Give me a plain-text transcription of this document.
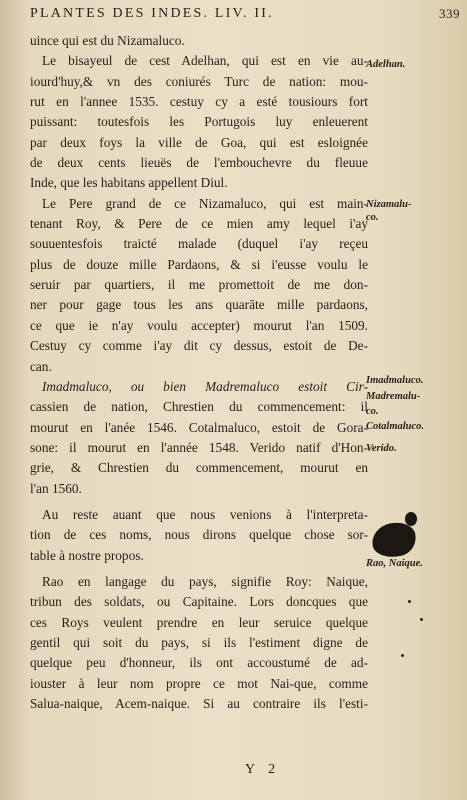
PLANTES DES INDES. LIV. II.	339
uince qui est du Nizamaluco.
Le bisayeul de cest Adelhan, qui est en vie au-
iourd'huy,& vn des coniurés Turc de nation: mou-
rut en l'annee 1535. cestuy cy a esté tousiours fort
puissant: toutesfois les Portugois luy enleuerent
par deux foys la ville de Goa, qui est esloignée
de deux cents lieuës de l'embouchevre du fleuue
Inde, que les habitans appellent Diul.
Le Pere grand de ce Nizamaluco, qui est main-
tenant Roy, & Pere de ce mien amy lequel i'ay
souuentesfois traicté malade (duquel i'ay reçeu
plus de douze mille Pardaons, & si i'eusse voulu le
seruir par quartiers, il me promettoit de me don-
ner pour gage tous les ans quarāte mille pardaons,
ce que ie n'ay voulu accepter) mourut l'an 1509.
Cestuy cy comme i'ay dit cy dessus, estoit de De-
can.
Imadmaluco, ou bien Madremaluco estoit Cir-
cassien de nation, Chrestien du commencement: il
mourut en l'anée 1546. Cotalmaluco, estoit de Gora-
sone: il mourut en l'année 1548. Verido natif d'Hon-
grie, & Chrestien du commencement, mourut en
l'an 1560.
Au reste auant que nous venions à l'interpreta-
tion de ces noms, nous dirons quelque chose sor-
table à nostre propos.
Rao en langage du pays, signifie Roy: Naique,
tribun des soldats, ou Capitaine. Lors doncques que
ces Roys veulent prendre en leur seruice quelque
gentil qui soit du pays, si ils l'estiment digne de
quelque peu d'honneur, ils ont accoustumé de ad-
iouster à leur nom propre ce mot Nai-que, comme
Salua-naique, Acem-naique. Si au contraire ils l'esti-
Adelhan.
Nizamalu-
co.
Imadmaluco.
Madremalu-
co.
Cotalmaluco.
Verido.
Rao, Naique.
Y 2
